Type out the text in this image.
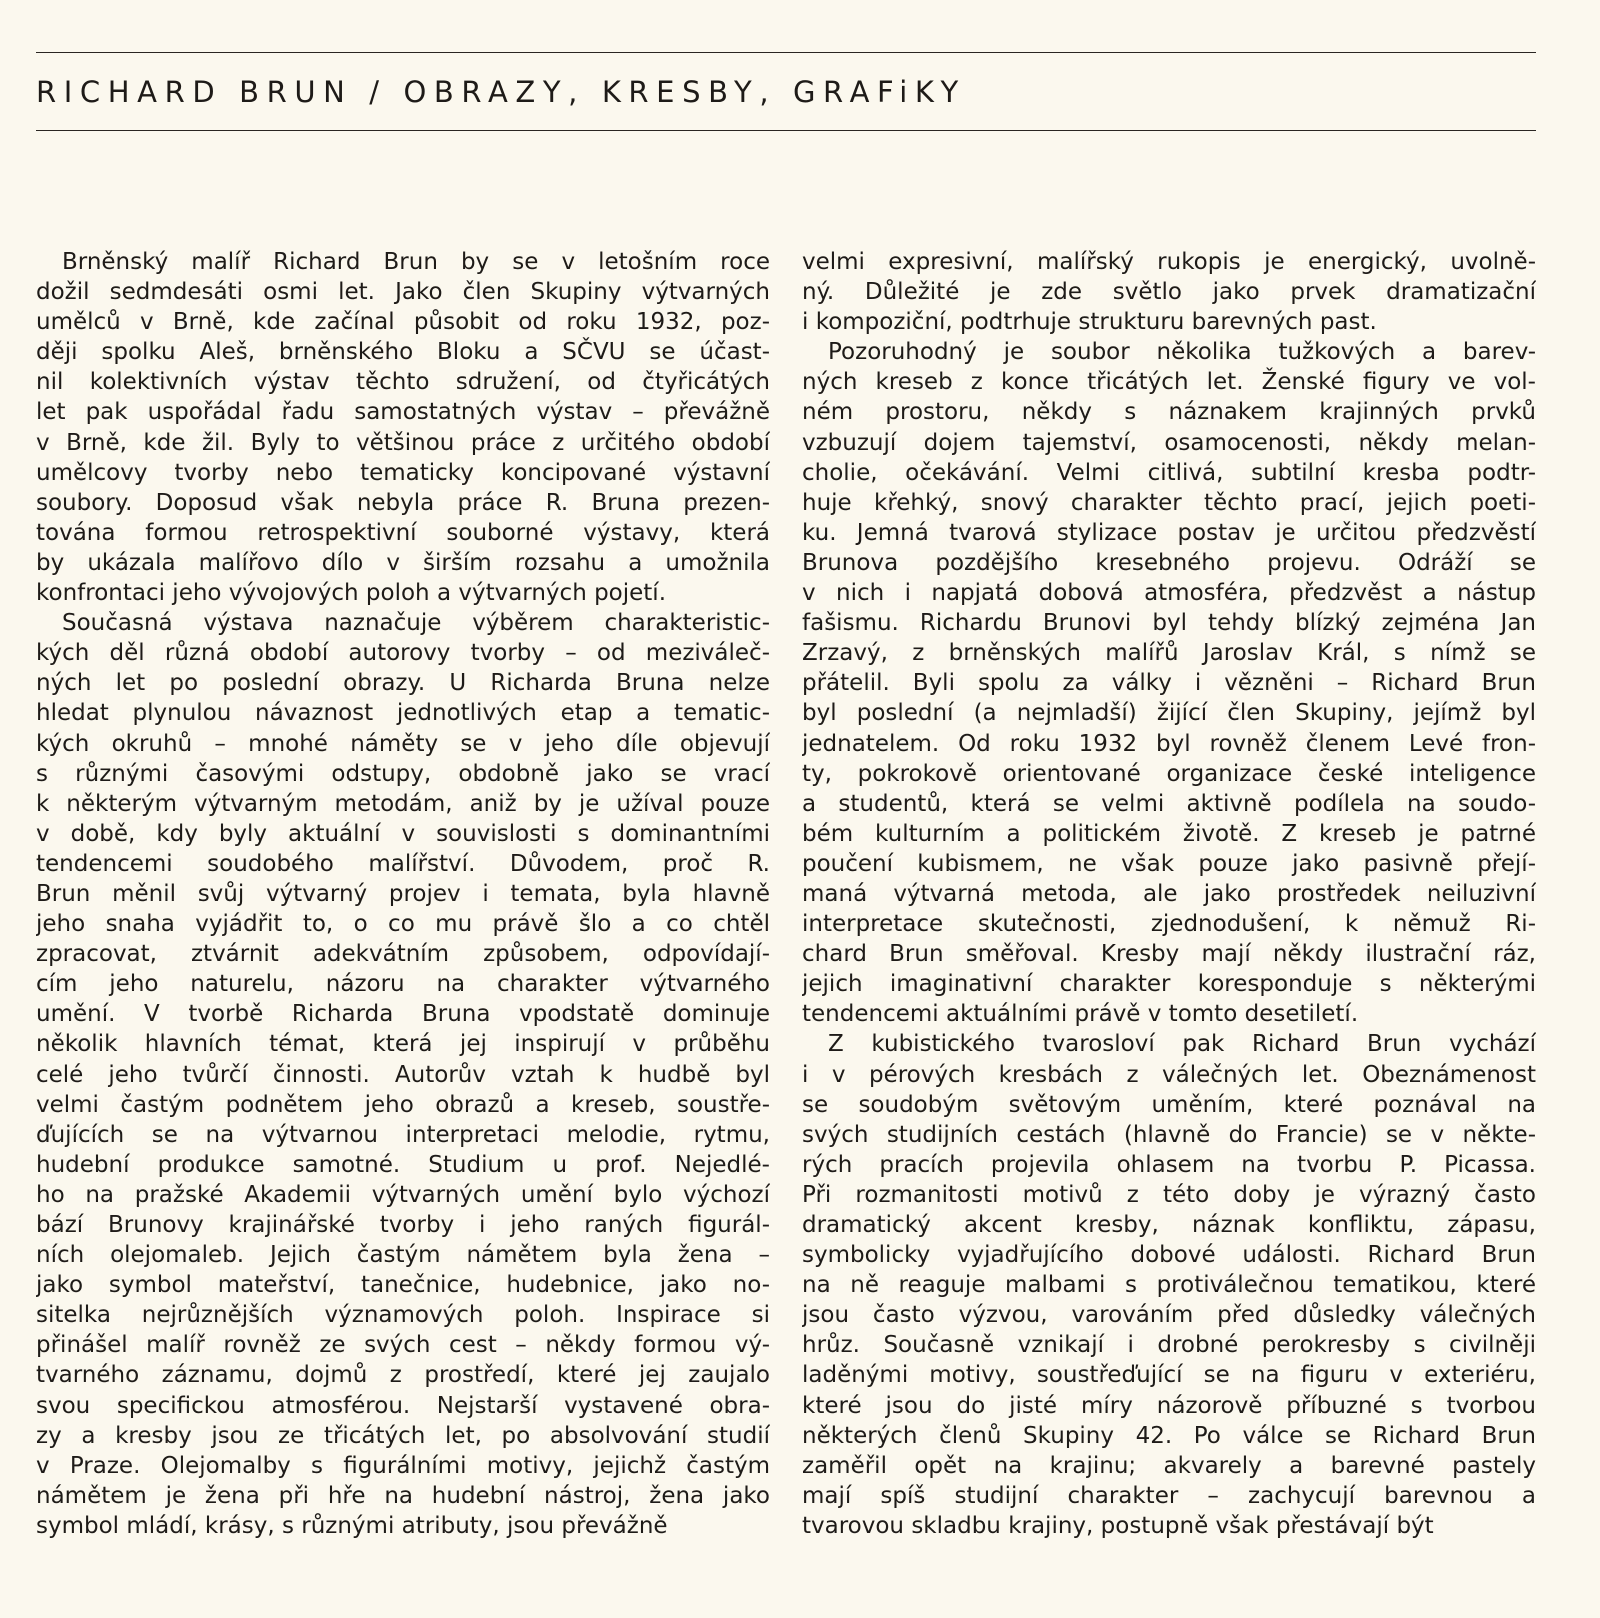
RICHARD BRUN / OBRAZY, KRESBY, GRAFiKY
Brněnský malíř Richard Brun by se v letošním roce
dožil sedmdesáti osmi let. Jako člen Skupiny výtvarných
umělců v Brně, kde začínal působit od roku 1932, poz-
ději spolku Aleš, brněnského Bloku a SČVU se účast-
nil kolektivních výstav těchto sdružení, od čtyřicátých
let pak uspořádal řadu samostatných výstav – převážně
v Brně, kde žil. Byly to většinou práce z určitého období
umělcovy tvorby nebo tematicky koncipované výstavní
soubory. Doposud však nebyla práce R. Bruna prezen-
tována formou retrospektivní souborné výstavy, která
by ukázala malířovo dílo v širším rozsahu a umožnila
konfrontaci jeho vývojových poloh a výtvarných pojetí.
Současná výstava naznačuje výběrem charakteristic-
kých děl různá období autorovy tvorby – od meziváleč-
ných let po poslední obrazy. U Richarda Bruna nelze
hledat plynulou návaznost jednotlivých etap a tematic-
kých okruhů – mnohé náměty se v jeho díle objevují
s různými časovými odstupy, obdobně jako se vrací
k některým výtvarným metodám, aniž by je užíval pouze
v době, kdy byly aktuální v souvislosti s dominantními
tendencemi soudobého malířství. Důvodem, proč R.
Brun měnil svůj výtvarný projev i temata, byla hlavně
jeho snaha vyjádřit to, o co mu právě šlo a co chtěl
zpracovat, ztvárnit adekvátním způsobem, odpovídají-
cím jeho naturelu, názoru na charakter výtvarného
umění. V tvorbě Richarda Bruna vpodstatě dominuje
několik hlavních témat, která jej inspirují v průběhu
celé jeho tvůrčí činnosti. Autorův vztah k hudbě byl
velmi častým podnětem jeho obrazů a kreseb, soustře-
ďujících se na výtvarnou interpretaci melodie, rytmu,
hudební produkce samotné. Studium u prof. Nejedlé-
ho na pražské Akademii výtvarných umění bylo výchozí
bází Brunovy krajinářské tvorby i jeho raných figurál-
ních olejomaleb. Jejich častým námětem byla žena –
jako symbol mateřství, tanečnice, hudebnice, jako no-
sitelka nejrůznějších významových poloh. Inspirace si
přinášel malíř rovněž ze svých cest – někdy formou vý-
tvarného záznamu, dojmů z prostředí, které jej zaujalo
svou specifickou atmosférou. Nejstarší vystavené obra-
zy a kresby jsou ze třicátých let, po absolvování studií
v Praze. Olejomalby s figurálními motivy, jejichž častým
námětem je žena při hře na hudební nástroj, žena jako
symbol mládí, krásy, s různými atributy, jsou převážně
velmi expresivní, malířský rukopis je energický, uvolně-
ný. Důležité je zde světlo jako prvek dramatizační
i kompoziční, podtrhuje strukturu barevných past.
Pozoruhodný je soubor několika tužkových a barev-
ných kreseb z konce třicátých let. Ženské figury ve vol-
ném prostoru, někdy s náznakem krajinných prvků
vzbuzují dojem tajemství, osamocenosti, někdy melan-
cholie, očekávání. Velmi citlivá, subtilní kresba podtr-
huje křehký, snový charakter těchto prací, jejich poeti-
ku. Jemná tvarová stylizace postav je určitou předzvěstí
Brunova pozdějšího kresebného projevu. Odráží se
v nich i napjatá dobová atmosféra, předzvěst a nástup
fašismu. Richardu Brunovi byl tehdy blízký zejména Jan
Zrzavý, z brněnských malířů Jaroslav Král, s nímž se
přátelil. Byli spolu za války i vězněni – Richard Brun
byl poslední (a nejmladší) žijící člen Skupiny, jejímž byl
jednatelem. Od roku 1932 byl rovněž členem Levé fron-
ty, pokrokově orientované organizace české inteligence
a studentů, která se velmi aktivně podílela na soudo-
bém kulturním a politickém životě. Z kreseb je patrné
poučení kubismem, ne však pouze jako pasivně přejí-
maná výtvarná metoda, ale jako prostředek neiluzivní
interpretace skutečnosti, zjednodušení, k němuž Ri-
chard Brun směřoval. Kresby mají někdy ilustrační ráz,
jejich imaginativní charakter koresponduje s některými
tendencemi aktuálními právě v tomto desetiletí.
Z kubistického tvarosloví pak Richard Brun vychází
i v pérových kresbách z válečných let. Obeznámenost
se soudobým světovým uměním, které poznával na
svých studijních cestách (hlavně do Francie) se v někte-
rých pracích projevila ohlasem na tvorbu P. Picassa.
Při rozmanitosti motivů z této doby je výrazný často
dramatický akcent kresby, náznak konfliktu, zápasu,
symbolicky vyjadřujícího dobové události. Richard Brun
na ně reaguje malbami s protiválečnou tematikou, které
jsou často výzvou, varováním před důsledky válečných
hrůz. Současně vznikají i drobné perokresby s civilněji
laděnými motivy, soustřeďující se na figuru v exteriéru,
které jsou do jisté míry názorově příbuzné s tvorbou
některých členů Skupiny 42. Po válce se Richard Brun
zaměřil opět na krajinu; akvarely a barevné pastely
mají spíš studijní charakter – zachycují barevnou a
tvarovou skladbu krajiny, postupně však přestávají být
